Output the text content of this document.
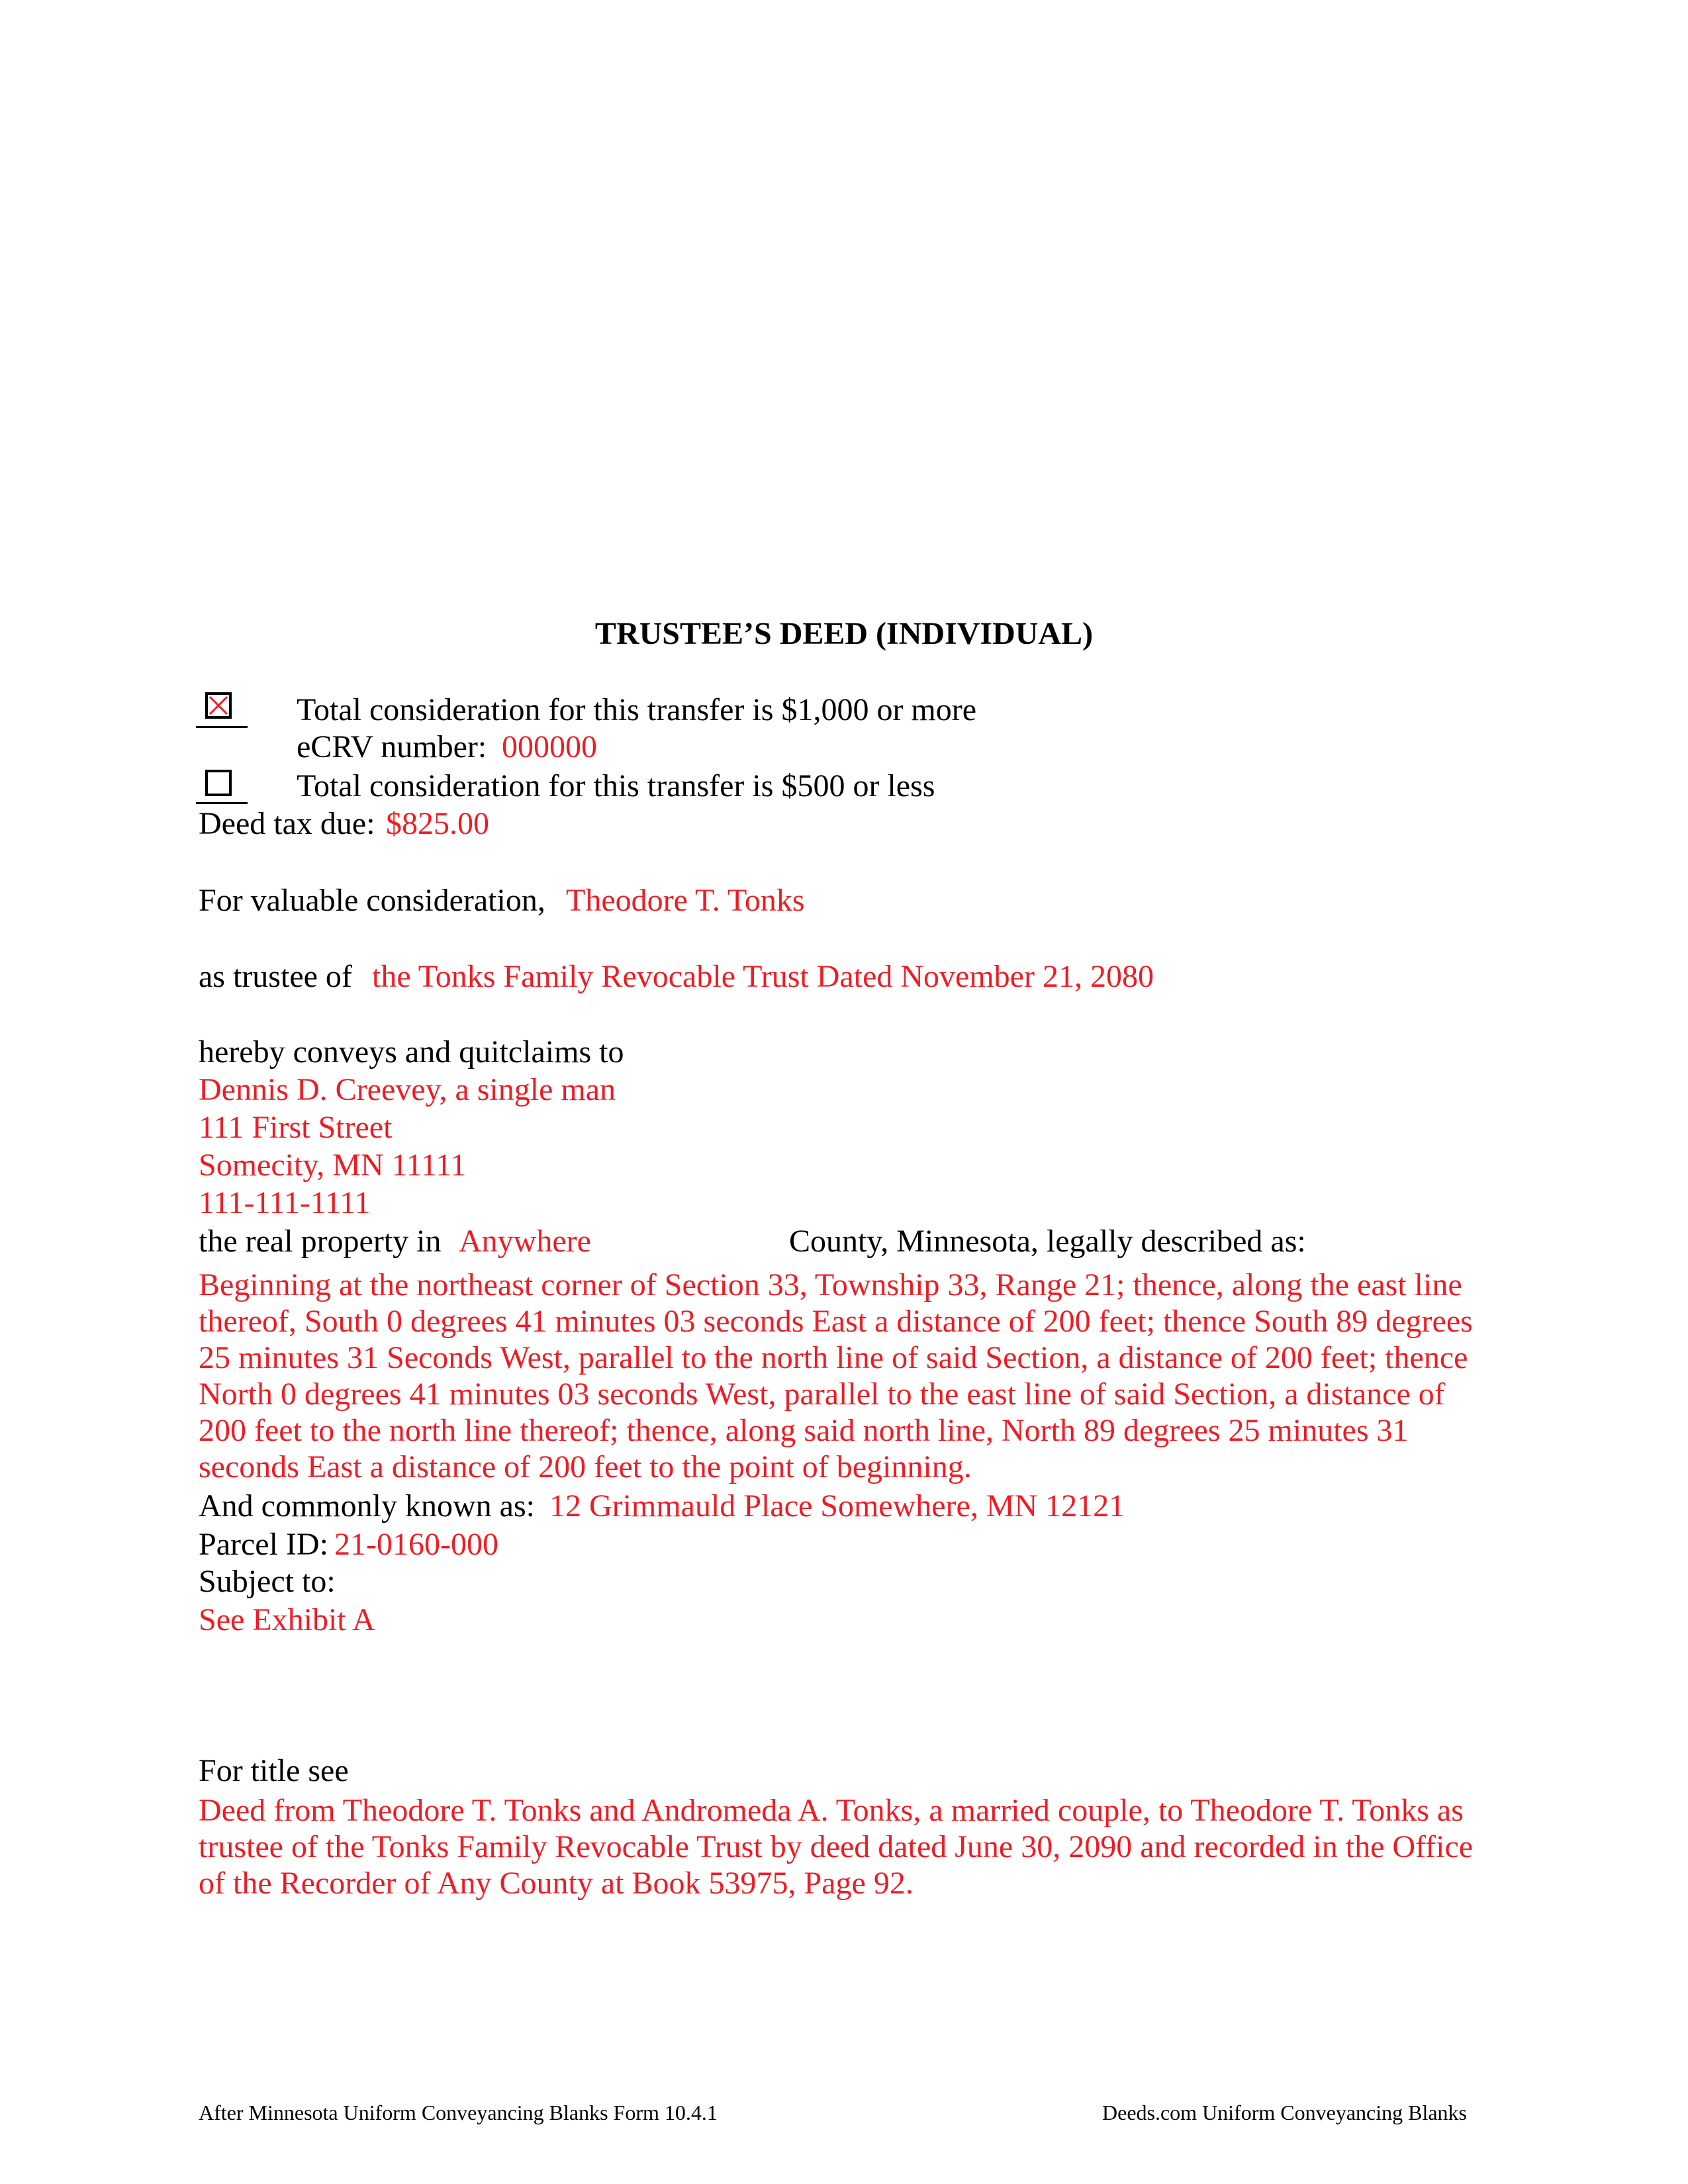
TRUSTEE’S DEED (INDIVIDUAL)
Total consideration for this transfer is $1,000 or more
eCRV number: 000000
Total consideration for this transfer is $500 or less
Deed tax due: $825.00
For valuable consideration, Theodore T. Tonks
as trustee of the Tonks Family Revocable Trust Dated November 21, 2080
hereby conveys and quitclaims to
Dennis D. Creevey, a single man
111 First Street
Somecity, MN 11111
111-111-1111
the real property in Anywhere	County, Minnesota, legally described as:
Beginning at the northeast corner of Section 33, Township 33, Range 21; thence, along the east line thereof, South 0 degrees 41 minutes 03 seconds East a distance of 200 feet; thence South 89 degrees 25 minutes 31 Seconds West, parallel to the north line of said Section, a distance of 200 feet; thence North 0 degrees 41 minutes 03 seconds West, parallel to the east line of said Section, a distance of 200 feet to the north line thereof; thence, along said north line, North 89 degrees 25 minutes 31 seconds East a distance of 200 feet to the point of beginning.
And commonly known as: 12 Grimmauld Place Somewhere, MN 12121
Parcel ID: 21-0160-000
Subject to:
See Exhibit A
For title see
Deed from Theodore T. Tonks and Andromeda A. Tonks, a married couple, to Theodore T. Tonks as trustee of the Tonks Family Revocable Trust by deed dated June 30, 2090 and recorded in the Office of the Recorder of Any County at Book 53975, Page 92.
After Minnesota Uniform Conveyancing Blanks Form 10.4.1	Deeds.com Uniform Conveyancing Blanks
